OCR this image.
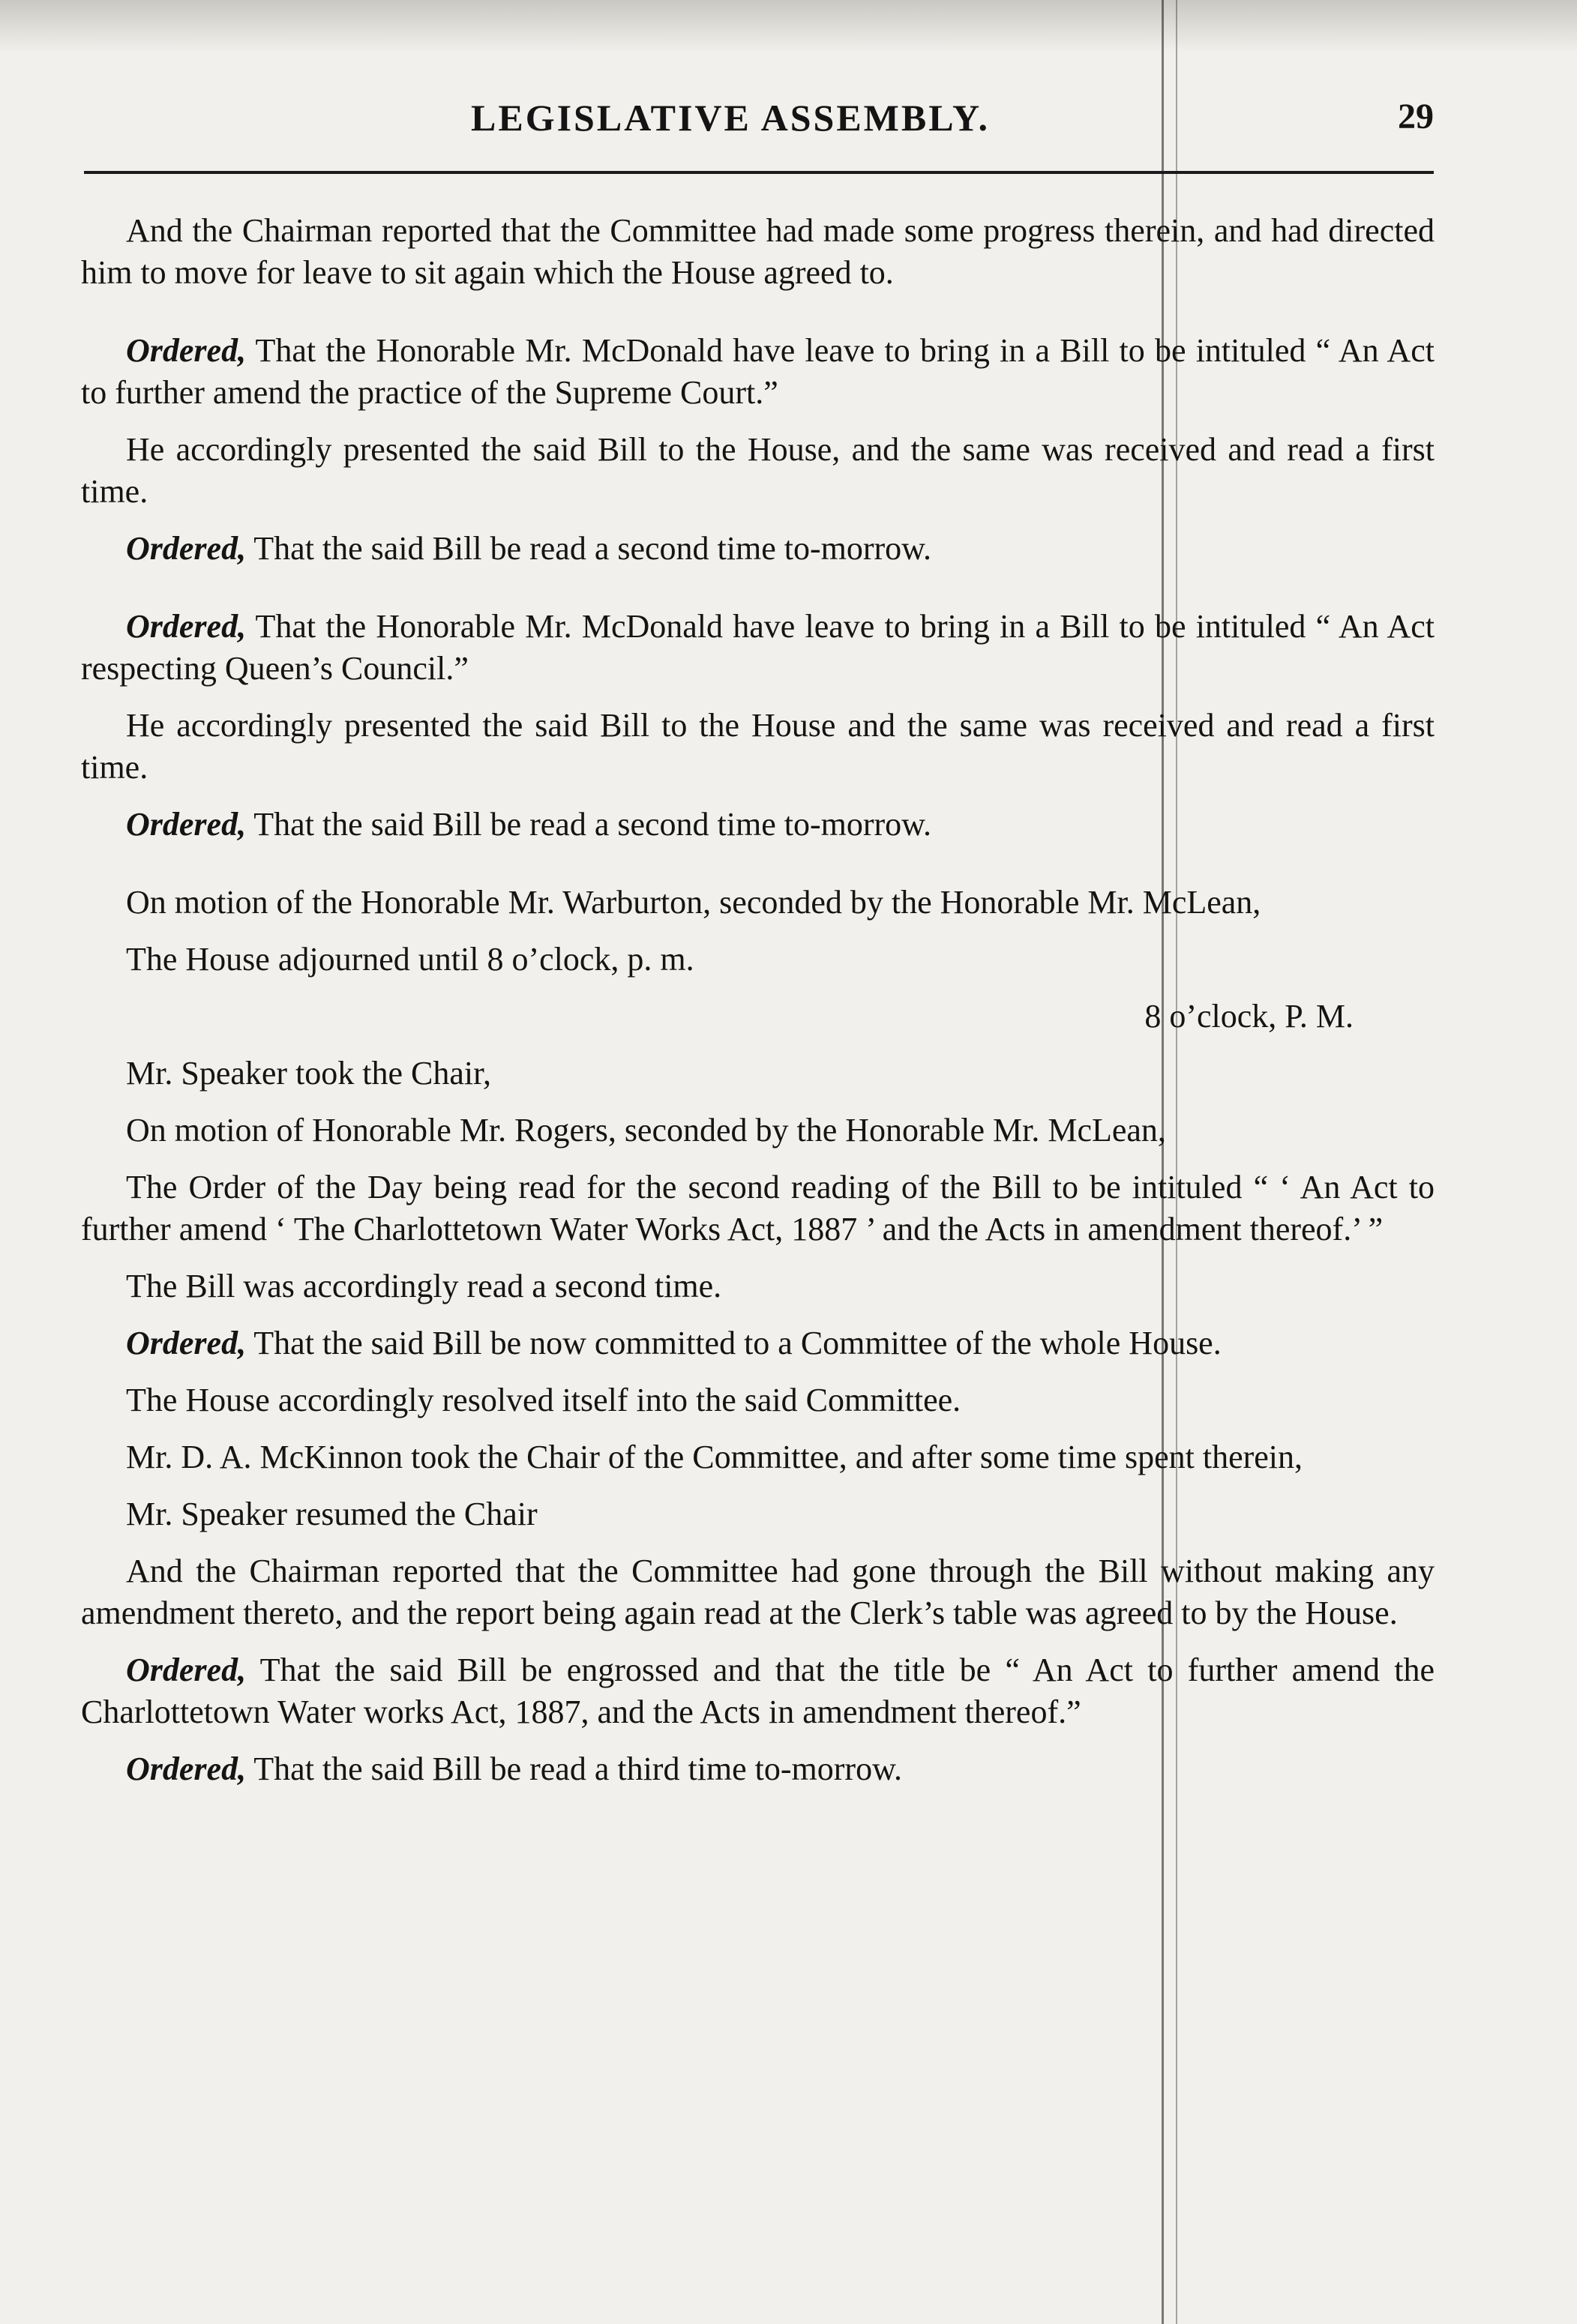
LEGISLATIVE ASSEMBLY.	29

And the Chairman reported that the Committee had made some progress therein, and had directed him to move for leave to sit again which the House agreed to.

Ordered, That the Honorable Mr. McDonald have leave to bring in a Bill to be intituled “ An Act to further amend the practice of the Supreme Court.”

He accordingly presented the said Bill to the House, and the same was received and read a first time.

Ordered, That the said Bill be read a second time to-morrow.

Ordered, That the Honorable Mr. McDonald have leave to bring in a Bill to be intituled “ An Act respecting Queen’s Council.”

He accordingly presented the said Bill to the House and the same was received and read a first time.

Ordered, That the said Bill be read a second time to-morrow.

On motion of the Honorable Mr. Warburton, seconded by the Honorable Mr. McLean,

The House adjourned until 8 o’clock, p. m.

8 o’clock, P. M.

Mr. Speaker took the Chair,

On motion of Honorable Mr. Rogers, seconded by the Honorable Mr. McLean,

The Order of the Day being read for the second reading of the Bill to be intituled “ ‘ An Act to further amend ‘ The Charlottetown Water Works Act, 1887 ’ and the Acts in amendment thereof.’ ”

The Bill was accordingly read a second time.

Ordered, That the said Bill be now committed to a Committee of the whole House.

The House accordingly resolved itself into the said Committee.

Mr. D. A. McKinnon took the Chair of the Committee, and after some time spent therein,

Mr. Speaker resumed the Chair

And the Chairman reported that the Committee had gone through the Bill without making any amendment thereto, and the report being again read at the Clerk’s table was agreed to by the House.

Ordered, That the said Bill be engrossed and that the title be “ An Act to further amend the Charlottetown Water works Act, 1887, and the Acts in amendment thereof.”

Ordered, That the said Bill be read a third time to-morrow.
